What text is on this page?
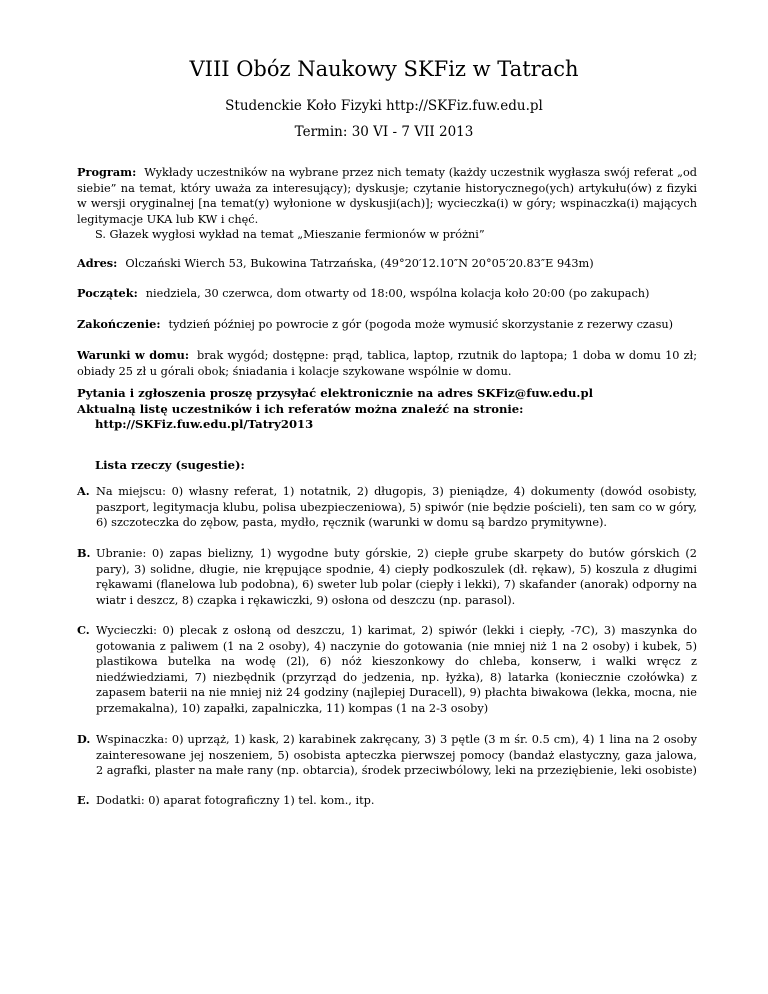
VIII Obóz Naukowy SKFiz w Tatrach
Studenckie Koło Fizyki http://SKFiz.fuw.edu.pl
Termin: 30 VI - 7 VII 2013
Program: Wykłady uczestników na wybrane przez nich tematy (każdy uczestnik wygłasza swój referat „od siebie” na temat, który uważa za interesujący); dyskusje; czytanie historycznego(ych) artykułu(ów) z fizyki w wersji oryginalnej [na temat(y) wyłonione w dyskusji(ach)]; wycieczka(i) w góry; wspinaczka(i) mających legitymacje UKA lub KW i chęć.
S. Głazek wygłosi wykład na temat „Mieszanie fermionów w próżni”
Adres: Olczański Wierch 53, Bukowina Tatrzańska, (49°20′12.10″N 20°05′20.83″E 943m)
Początek: niedziela, 30 czerwca, dom otwarty od 18:00, wspólna kolacja koło 20:00 (po zakupach)
Zakończenie: tydzień później po powrocie z gór (pogoda może wymusić skorzystanie z rezerwy czasu)
Warunki w domu: brak wygód; dostępne: prąd, tablica, laptop, rzutnik do laptopa; 1 doba w domu 10 zł; obiady 25 zł u górali obok; śniadania i kolacje szykowane wspólnie w domu.
Pytania i zgłoszenia proszę przysyłać elektronicznie na adres SKFiz@fuw.edu.pl
Aktualną listę uczestników i ich referatów można znaleźć na stronie:
http://SKFiz.fuw.edu.pl/Tatry2013
Lista rzeczy (sugestie):
A. Na miejscu: 0) własny referat, 1) notatnik, 2) długopis, 3) pieniądze, 4) dokumenty (dowód osobisty, paszport, legitymacja klubu, polisa ubezpieczeniowa), 5) spiwór (nie będzie pościeli), ten sam co w góry, 6) szczoteczka do zębow, pasta, mydło, ręcznik (warunki w domu są bardzo prymitywne).
B. Ubranie: 0) zapas bielizny, 1) wygodne buty górskie, 2) ciepłe grube skarpety do butów górskich (2 pary), 3) solidne, długie, nie krępujące spodnie, 4) ciepły podkoszulek (dł. rękaw), 5) koszula z długimi rękawami (flanelowa lub podobna), 6) sweter lub polar (ciepły i lekki), 7) skafander (anorak) odporny na wiatr i deszcz, 8) czapka i rękawiczki, 9) osłona od deszczu (np. parasol).
C. Wycieczki: 0) plecak z osłoną od deszczu, 1) karimat, 2) spiwór (lekki i ciepły, -7C), 3) maszynka do gotowania z paliwem (1 na 2 osoby), 4) naczynie do gotowania (nie mniej niż 1 na 2 osoby) i kubek, 5) plastikowa butelka na wodę (2l), 6) nóż kieszonkowy do chleba, konserw, i walki wręcz z niedźwiedziami, 7) niezbędnik (przyrząd do jedzenia, np. łyżka), 8) latarka (koniecznie czołówka) z zapasem baterii na nie mniej niż 24 godziny (najlepiej Duracell), 9) płachta biwakowa (lekka, mocna, nie przemakalna), 10) zapałki, zapalniczka, 11) kompas (1 na 2-3 osoby)
D. Wspinaczka: 0) uprząż, 1) kask, 2) karabinek zakręcany, 3) 3 pętle (3 m śr. 0.5 cm), 4) 1 lina na 2 osoby zainteresowane jej noszeniem, 5) osobista apteczka pierwszej pomocy (bandaż elastyczny, gaza jalowa, 2 agrafki, plaster na małe rany (np. obtarcia), środek przeciwbólowy, leki na przeziębienie, leki osobiste)
E. Dodatki: 0) aparat fotograficzny 1) tel. kom., itp.
